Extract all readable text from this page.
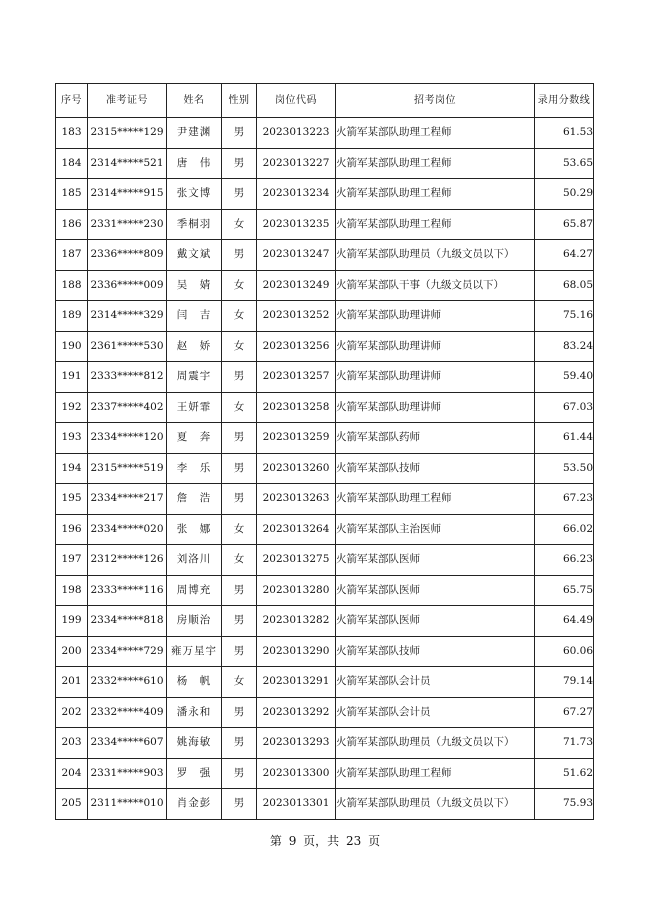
序号	准考证号	姓名	性别	岗位代码	招考岗位	录用分数线
183	2315*****129	尹建渊	男	2023013223	火箭军某部队助理工程师	61.53
184	2314*****521	唐　伟	男	2023013227	火箭军某部队助理工程师	53.65
185	2314*****915	张文博	男	2023013234	火箭军某部队助理工程师	50.29
186	2331*****230	季桐羽	女	2023013235	火箭军某部队助理工程师	65.87
187	2336*****809	戴文斌	男	2023013247	火箭军某部队助理员（九级文员以下）	64.27
188	2336*****009	吴　婧	女	2023013249	火箭军某部队干事（九级文员以下）	68.05
189	2314*****329	闫　吉	女	2023013252	火箭军某部队助理讲师	75.16
190	2361*****530	赵　娇	女	2023013256	火箭军某部队助理讲师	83.24
191	2333*****812	周震宇	男	2023013257	火箭军某部队助理讲师	59.40
192	2337*****402	王妍霏	女	2023013258	火箭军某部队助理讲师	67.03
193	2334*****120	夏　奔	男	2023013259	火箭军某部队药师	61.44
194	2315*****519	李　乐	男	2023013260	火箭军某部队技师	53.50
195	2334*****217	詹　浩	男	2023013263	火箭军某部队助理工程师	67.23
196	2334*****020	张　娜	女	2023013264	火箭军某部队主治医师	66.02
197	2312*****126	刘洛川	女	2023013275	火箭军某部队医师	66.23
198	2333*****116	周博充	男	2023013280	火箭军某部队医师	65.75
199	2334*****818	房顺治	男	2023013282	火箭军某部队医师	64.49
200	2334*****729	雍万星宇	男	2023013290	火箭军某部队技师	60.06
201	2332*****610	杨　帆	女	2023013291	火箭军某部队会计员	79.14
202	2332*****409	潘永和	男	2023013292	火箭军某部队会计员	67.27
203	2334*****607	姚海敏	男	2023013293	火箭军某部队助理员（九级文员以下）	71.73
204	2331*****903	罗　强	男	2023013300	火箭军某部队助理工程师	51.62
205	2311*****010	肖金彭	男	2023013301	火箭军某部队助理员（九级文员以下）	75.93
第 9 页，共 23 页
